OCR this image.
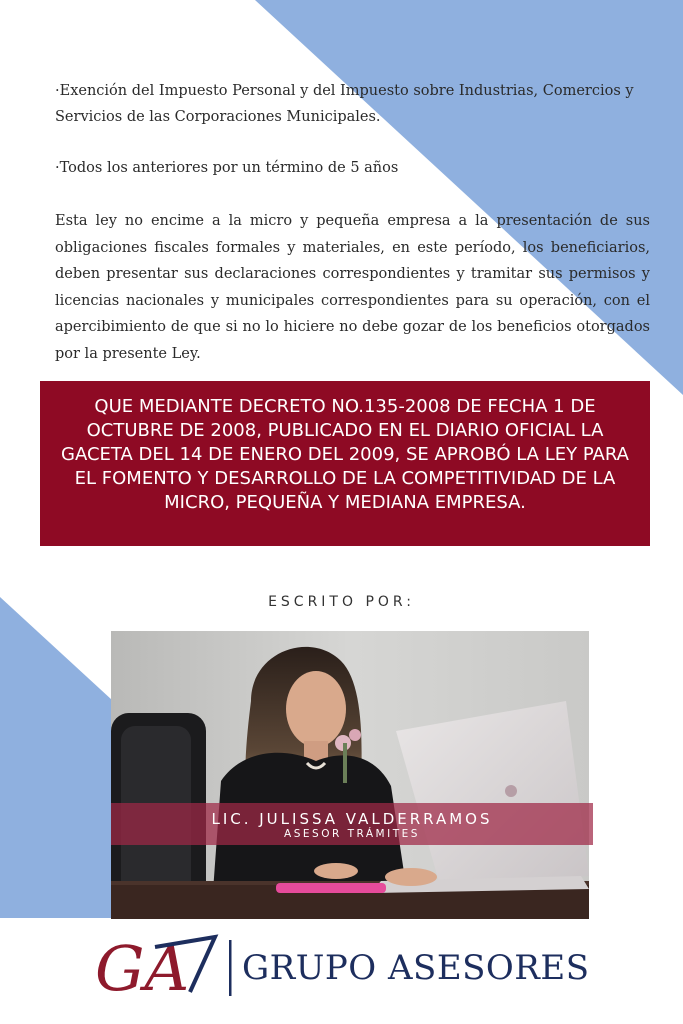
·Exención del Impuesto Personal y del Impuesto sobre Industrias, Comercios y Servicios de las Corporaciones Municipales.
·Todos los anteriores por un término de 5 años
Esta ley no encime a la micro y pequeña empresa a la presentación de sus obligaciones fiscales formales y materiales, en este período, los beneficiarios, deben presentar sus declaraciones correspondientes y tramitar sus permisos y licencias nacionales y municipales correspondientes para su operación, con el apercibimiento de que si no lo hiciere no debe gozar de los beneficios otorgados por la presente Ley.
QUE MEDIANTE DECRETO NO.135-2008 DE FECHA 1 DE OCTUBRE DE 2008, PUBLICADO EN EL DIARIO OFICIAL LA GACETA DEL 14 DE ENERO DEL 2009, SE APROBÓ LA LEY PARA EL FOMENTO Y DESARROLLO DE LA COMPETITIVIDAD DE LA MICRO, PEQUEÑA Y MEDIANA EMPRESA.
ESCRITO POR:
LIC. JULISSA VALDERRAMOS
ASESOR TRÁMITES
GA GRUPO ASESORES
